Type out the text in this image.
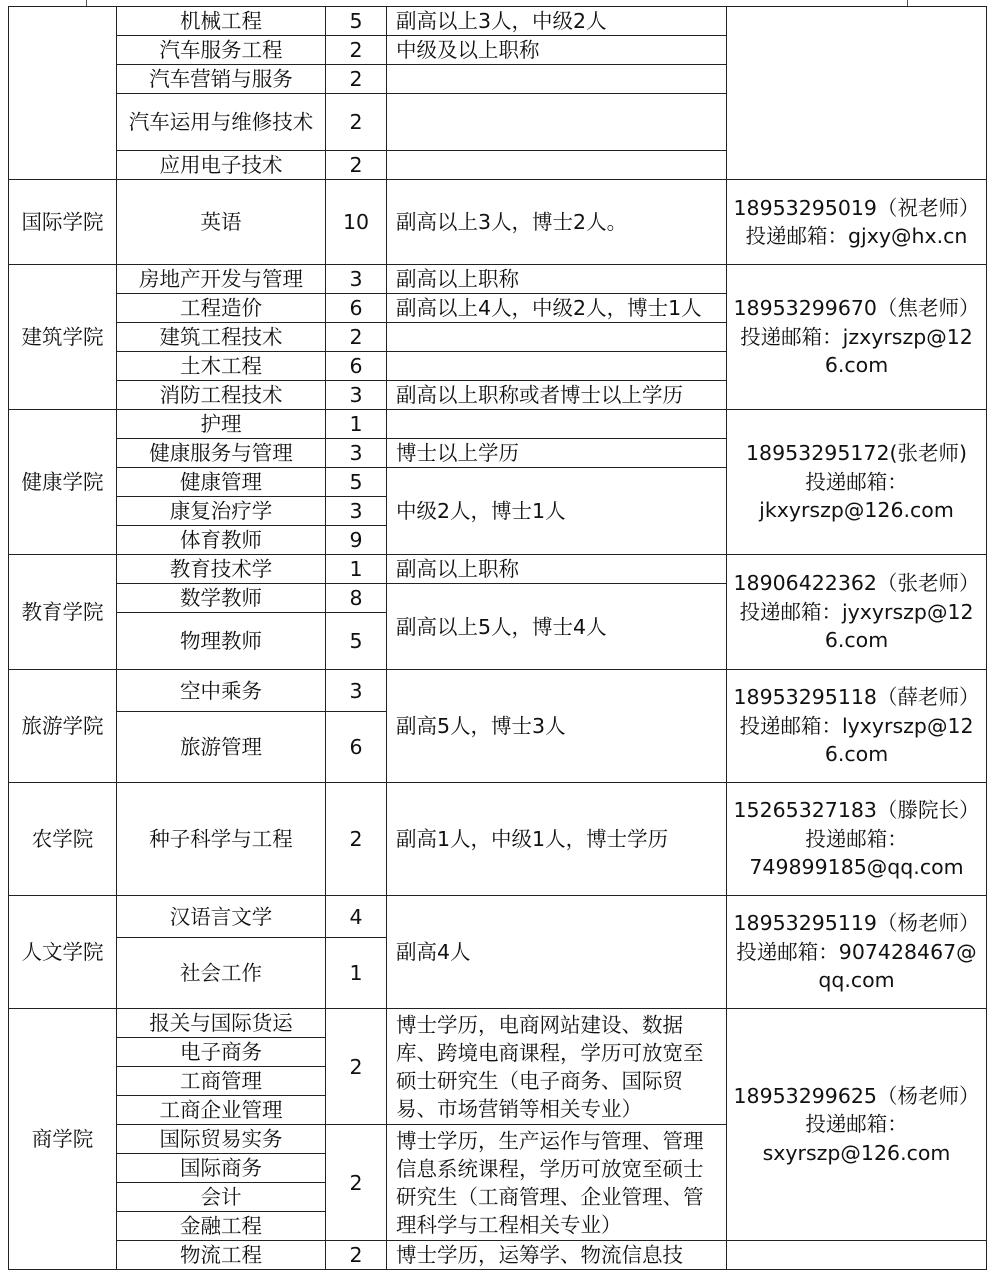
	机械工程	5	副高以上3人，中级2人	
	汽车服务工程	2	中级及以上职称	
	汽车营销与服务	2		
	汽车运用与维修技术	2		
	应用电子技术	2		
国际学院	英语	10	副高以上3人，博士2人。	18953295019（祝老师）
投递邮箱：gjxy@hx.cn
建筑学院	房地产开发与管理	3	副高以上职称	18953299670（焦老师）
投递邮箱：jzxyrszp@126.com
	工程造价	6	副高以上4人，中级2人，博士1人	
	建筑工程技术	2		
	土木工程	6		
	消防工程技术	3	副高以上职称或者博士以上学历	
健康学院	护理	1		18953295172(张老师)
投递邮箱：
jkxyrszp@126.com
	健康服务与管理	3	博士以上学历	
	健康管理	5	中级2人，博士1人	
	康复治疗学	3		
	体育教师	9		
教育学院	教育技术学	1	副高以上职称	18906422362（张老师）
投递邮箱：jyxyrszp@126.com
	数学教师	8	副高以上5人，博士4人	
	物理教师	5		
旅游学院	空中乘务	3	副高5人，博士3人	18953295118（薛老师）
投递邮箱：lyxyrszp@126.com
	旅游管理	6		
农学院	种子科学与工程	2	副高1人，中级1人，博士学历	15265327183（滕院长）
投递邮箱：
749899185@qq.com
人文学院	汉语言文学	4	副高4人	18953295119（杨老师）
投递邮箱：907428467@qq.com
	社会工作	1		
商学院	报关与国际货运	2	博士学历，电商网站建设、数据库、跨境电商课程，学历可放宽至硕士研究生（电子商务、国际贸易、市场营销等相关专业）	18953299625（杨老师）
投递邮箱：
sxyrszp@126.com
	电子商务			
	工商管理			
	工商企业管理			
	国际贸易实务	2	博士学历，生产运作与管理、管理信息系统课程，学历可放宽至硕士研究生（工商管理、企业管理、管理科学与工程相关专业）	
	国际商务			
	会计			
	金融工程			
	物流工程	2	博士学历，运筹学、物流信息技	
